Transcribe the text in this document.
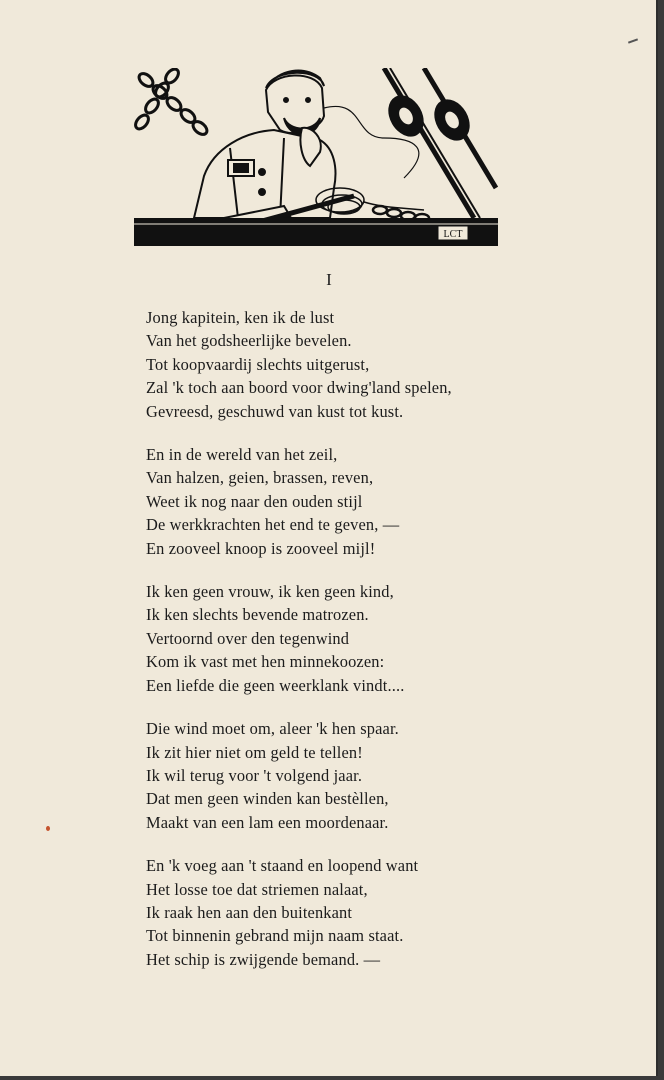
LCT
I
Jong kapitein, ken ik de lust
Van het godsheerlijke bevelen.
Tot koopvaardij slechts uitgerust,
Zal 'k toch aan boord voor dwing'land spelen,
Gevreesd, geschuwd van kust tot kust.
En in de wereld van het zeil,
Van halzen, geien, brassen, reven,
Weet ik nog naar den ouden stijl
De werkkrachten het end te geven, —
En zooveel knoop is zooveel mijl!
Ik ken geen vrouw, ik ken geen kind,
Ik ken slechts bevende matrozen.
Vertoornd over den tegenwind
Kom ik vast met hen minnekoozen:
Een liefde die geen weerklank vindt....
Die wind moet om, aleer 'k hen spaar.
Ik zit hier niet om geld te tellen!
Ik wil terug voor 't volgend jaar.
Dat men geen winden kan bestèllen,
Maakt van een lam een moordenaar.
En 'k voeg aan 't staand en loopend want
Het losse toe dat striemen nalaat,
Ik raak hen aan den buitenkant
Tot binnenin gebrand mijn naam staat.
Het schip is zwijgende bemand. —
